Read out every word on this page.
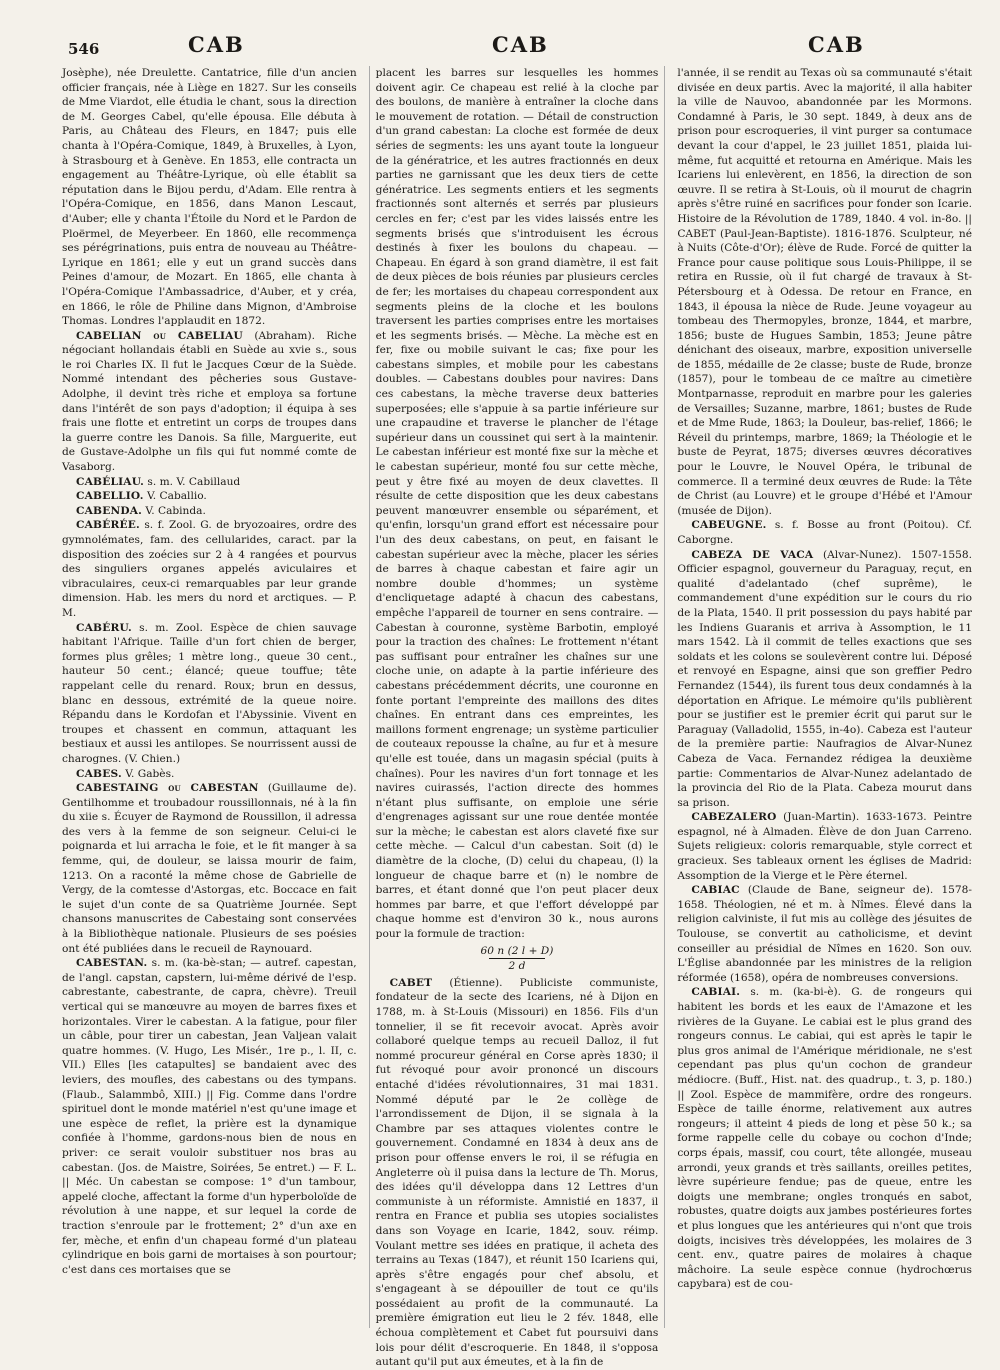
546	CAB	CAB	CAB

Josèphe), née Dreulette. Cantatrice, fille d'un ancien officier français, née à Liège en 1827. Sur les conseils de Mme Viardot, elle étudia le chant, sous la direction de M. Georges Cabel, qu'elle épousa. Elle débuta à Paris, au Château des Fleurs, en 1847; puis elle chanta à l'Opéra-Comique, 1849, à Bruxelles, à Lyon, à Strasbourg et à Genève. En 1853, elle contracta un engagement au Théâtre-Lyrique, où elle établit sa réputation dans le Bijou perdu, d'Adam. Elle rentra à l'Opéra-Comique, en 1856, dans Manon Lescaut, d'Auber; elle y chanta l'Étoile du Nord et le Pardon de Ploërmel, de Meyerbeer. En 1860, elle recommença ses pérégrinations, puis entra de nouveau au Théâtre-Lyrique en 1861; elle y eut un grand succès dans Peines d'amour, de Mozart. En 1865, elle chanta à l'Opéra-Comique l'Ambassadrice, d'Auber, et y créa, en 1866, le rôle de Philine dans Mignon, d'Ambroise Thomas. Londres l'applaudit en 1872.

CABELIAN ou CABELIAU (Abraham). Riche négociant hollandais établi en Suède au xvie s., sous le roi Charles IX. Il fut le Jacques Cœur de la Suède. Nommé intendant des pêcheries sous Gustave-Adolphe, il devint très riche et employa sa fortune dans l'intérêt de son pays d'adoption; il équipa à ses frais une flotte et entretint un corps de troupes dans la guerre contre les Danois. Sa fille, Marguerite, eut de Gustave-Adolphe un fils qui fut nommé comte de Vasaborg.

CABÉLIAU. s. m. V. Cabillaud

CABELLIO. V. Caballio.

CABENDA. V. Cabinda.

CABÉRÉE. s. f. Zool. G. de bryozoaires, ordre des gymnolémates, fam. des cellularides, caract. par la disposition des zoécies sur 2 à 4 rangées et pourvus des singuliers organes appelés aviculaires et vibraculaires, ceux-ci remarquables par leur grande dimension. Hab. les mers du nord et arctiques. — P. M.

CABÉRU. s. m. Zool. Espèce de chien sauvage habitant l'Afrique. Taille d'un fort chien de berger, formes plus grêles; 1 mètre long., queue 30 cent., hauteur 50 cent.; élancé; queue touffue; tête rappelant celle du renard. Roux; brun en dessus, blanc en dessous, extrémité de la queue noire. Répandu dans le Kordofan et l'Abyssinie. Vivent en troupes et chassent en commun, attaquant les bestiaux et aussi les antilopes. Se nourrissent aussi de charognes. (V. Chien.)

CABES. V. Gabès.

CABESTAING ou CABESTAN (Guillaume de). Gentilhomme et troubadour roussillonnais, né à la fin du xiie s. Écuyer de Raymond de Roussillon, il adressa des vers à la femme de son seigneur. Celui-ci le poignarda et lui arracha le foie, et le fit manger à sa femme, qui, de douleur, se laissa mourir de faim, 1213. On a raconté la même chose de Gabrielle de Vergy, de la comtesse d'Astorgas, etc. Boccace en fait le sujet d'un conte de sa Quatrième Journée. Sept chansons manuscrites de Cabestaing sont conservées à la Bibliothèque nationale. Plusieurs de ses poésies ont été publiées dans le recueil de Raynouard.

CABESTAN. s. m. (ka-bè-stan; — autref. capestan, de l'angl. capstan, capstern, lui-même dérivé de l'esp. cabrestante, cabestrante, de capra, chèvre). Treuil vertical qui se manœuvre au moyen de barres fixes et horizontales. Virer le cabestan. A la fatigue, pour filer un câble, pour tirer un cabestan, Jean Valjean valait quatre hommes. (V. Hugo, Les Misér., 1re p., l. II, c. VII.) Elles [les catapultes] se bandaient avec des leviers, des moufles, des cabestans ou des tympans. (Flaub., Salammbô, XIII.) || Fig. Comme dans l'ordre spirituel dont le monde matériel n'est qu'une image et une espèce de reflet, la prière est la dynamique confiée à l'homme, gardons-nous bien de nous en priver: ce serait vouloir substituer nos bras au cabestan. (Jos. de Maistre, Soirées, 5e entret.) — F. L. || Méc. Un cabestan se compose: 1° d'un tambour, appelé cloche, affectant la forme d'un hyperboloïde de révolution à une nappe, et sur lequel la corde de traction s'enroule par le frottement; 2° d'un axe en fer, mèche, et enfin d'un chapeau formé d'un plateau cylindrique en bois garni de mortaises à son pourtour; c'est dans ces mortaises que se

placent les barres sur lesquelles les hommes doivent agir. Ce chapeau est relié à la cloche par des boulons, de manière à entraîner la cloche dans le mouvement de rotation. — Détail de construction d'un grand cabestan: La cloche est formée de deux séries de segments: les uns ayant toute la longueur de la génératrice, et les autres fractionnés en deux parties ne garnissant que les deux tiers de cette génératrice. Les segments entiers et les segments fractionnés sont alternés et serrés par plusieurs cercles en fer; c'est par les vides laissés entre les segments brisés que s'introduisent les écrous destinés à fixer les boulons du chapeau. — Chapeau. En égard à son grand diamètre, il est fait de deux pièces de bois réunies par plusieurs cercles de fer; les mortaises du chapeau correspondent aux segments pleins de la cloche et les boulons traversent les parties comprises entre les mortaises et les segments brisés. — Mèche. La mèche est en fer, fixe ou mobile suivant le cas; fixe pour les cabestans simples, et mobile pour les cabestans doubles. — Cabestans doubles pour navires: Dans ces cabestans, la mèche traverse deux batteries superposées; elle s'appuie à sa partie inférieure sur une crapaudine et traverse le plancher de l'étage supérieur dans un coussinet qui sert à la maintenir. Le cabestan inférieur est monté fixe sur la mèche et le cabestan supérieur, monté fou sur cette mèche, peut y être fixé au moyen de deux clavettes. Il résulte de cette disposition que les deux cabestans peuvent manœuvrer ensemble ou séparément, et qu'enfin, lorsqu'un grand effort est nécessaire pour l'un des deux cabestans, on peut, en faisant le cabestan supérieur avec la mèche, placer les séries de barres à chaque cabestan et faire agir un nombre double d'hommes; un système d'encliquetage adapté à chacun des cabestans, empêche l'appareil de tourner en sens contraire. — Cabestan à couronne, système Barbotin, employé pour la traction des chaînes: Le frottement n'étant pas suffisant pour entraîner les chaînes sur une cloche unie, on adapte à la partie inférieure des cabestans précédemment décrits, une couronne en fonte portant l'empreinte des maillons des dites chaînes. En entrant dans ces empreintes, les maillons forment engrenage; un système particulier de couteaux repousse la chaîne, au fur et à mesure qu'elle est touée, dans un magasin spécial (puits à chaînes). Pour les navires d'un fort tonnage et les navires cuirassés, l'action directe des hommes n'étant plus suffisante, on emploie une série d'engrenages agissant sur une roue dentée montée sur la mèche; le cabestan est alors claveté fixe sur cette mèche. — Calcul d'un cabestan. Soit (d) le diamètre de la cloche, (D) celui du chapeau, (l) la longueur de chaque barre et (n) le nombre de barres, et étant donné que l'on peut placer deux hommes par barre, et que l'effort développé par chaque homme est d'environ 30 k., nous aurons pour la formule de traction:

60 n (2 l + D)
2 d

CABET (Étienne). Publiciste communiste, fondateur de la secte des Icariens, né à Dijon en 1788, m. à St-Louis (Missouri) en 1856. Fils d'un tonnelier, il se fit recevoir avocat. Après avoir collaboré quelque temps au recueil Dalloz, il fut nommé procureur général en Corse après 1830; il fut révoqué pour avoir prononcé un discours entaché d'idées révolutionnaires, 31 mai 1831. Nommé député par le 2e collège de l'arrondissement de Dijon, il se signala à la Chambre par ses attaques violentes contre le gouvernement. Condamné en 1834 à deux ans de prison pour offense envers le roi, il se réfugia en Angleterre où il puisa dans la lecture de Th. Morus, des idées qu'il développa dans 12 Lettres d'un communiste à un réformiste. Amnistié en 1837, il rentra en France et publia ses utopies socialistes dans son Voyage en Icarie, 1842, souv. réimp. Voulant mettre ses idées en pratique, il acheta des terrains au Texas (1847), et réunit 150 Icariens qui, après s'être engagés pour chef absolu, et s'engageant à se dépouiller de tout ce qu'ils possédaient au profit de la communauté. La première émigration eut lieu le 2 fév. 1848, elle échoua complètement et Cabet fut poursuivi dans lois pour délit d'escroquerie. En 1848, il s'opposa autant qu'il put aux émeutes, et à la fin de

l'année, il se rendit au Texas où sa communauté s'était divisée en deux partis. Avec la majorité, il alla habiter la ville de Nauvoo, abandonnée par les Mormons. Condamné à Paris, le 30 sept. 1849, à deux ans de prison pour escroqueries, il vint purger sa contumace devant la cour d'appel, le 23 juillet 1851, plaida lui-même, fut acquitté et retourna en Amérique. Mais les Icariens lui enlevèrent, en 1856, la direction de son œuvre. Il se retira à St-Louis, où il mourut de chagrin après s'être ruiné en sacrifices pour fonder son Icarie. Histoire de la Révolution de 1789, 1840. 4 vol. in-8o. || CABET (Paul-Jean-Baptiste). 1816-1876. Sculpteur, né à Nuits (Côte-d'Or); élève de Rude. Forcé de quitter la France pour cause politique sous Louis-Philippe, il se retira en Russie, où il fut chargé de travaux à St-Pétersbourg et à Odessa. De retour en France, en 1843, il épousa la nièce de Rude. Jeune voyageur au tombeau des Thermopyles, bronze, 1844, et marbre, 1856; buste de Hugues Sambin, 1853; Jeune pâtre dénichant des oiseaux, marbre, exposition universelle de 1855, médaille de 2e classe; buste de Rude, bronze (1857), pour le tombeau de ce maître au cimetière Montparnasse, reproduit en marbre pour les galeries de Versailles; Suzanne, marbre, 1861; bustes de Rude et de Mme Rude, 1863; la Douleur, bas-relief, 1866; le Réveil du printemps, marbre, 1869; la Théologie et le buste de Peyrat, 1875; diverses œuvres décoratives pour le Louvre, le Nouvel Opéra, le tribunal de commerce. Il a terminé deux œuvres de Rude: la Tête de Christ (au Louvre) et le groupe d'Hébé et l'Amour (musée de Dijon).

CABEUGNE. s. f. Bosse au front (Poitou). Cf. Caborgne.

CABEZA DE VACA (Alvar-Nunez). 1507-1558. Officier espagnol, gouverneur du Paraguay, reçut, en qualité d'adelantado (chef suprême), le commandement d'une expédition sur le cours du rio de la Plata, 1540. Il prit possession du pays habité par les Indiens Guaranis et arriva à Assomption, le 11 mars 1542. Là il commit de telles exactions que ses soldats et les colons se soulevèrent contre lui. Déposé et renvoyé en Espagne, ainsi que son greffier Pedro Fernandez (1544), ils furent tous deux condamnés à la déportation en Afrique. Le mémoire qu'ils publièrent pour se justifier est le premier écrit qui parut sur le Paraguay (Valladolid, 1555, in-4o). Cabeza est l'auteur de la première partie: Naufragios de Alvar-Nunez Cabeza de Vaca. Fernandez rédigea la deuxième partie: Commentarios de Alvar-Nunez adelantado de la provincia del Rio de la Plata. Cabeza mourut dans sa prison.

CABEZALERO (Juan-Martin). 1633-1673. Peintre espagnol, né à Almaden. Élève de don Juan Carreno. Sujets religieux: coloris remarquable, style correct et gracieux. Ses tableaux ornent les églises de Madrid: Assomption de la Vierge et le Père éternel.

CABIAC (Claude de Bane, seigneur de). 1578-1658. Théologien, né et m. à Nîmes. Élevé dans la religion calviniste, il fut mis au collège des jésuites de Toulouse, se convertit au catholicisme, et devint conseiller au présidial de Nîmes en 1620. Son ouv. L'Église abandonnée par les ministres de la religion réformée (1658), opéra de nombreuses conversions.

CABIAI. s. m. (ka-bi-è). G. de rongeurs qui habitent les bords et les eaux de l'Amazone et les rivières de la Guyane. Le cabiai est le plus grand des rongeurs connus. Le cabiai, qui est après le tapir le plus gros animal de l'Amérique méridionale, ne s'est cependant pas plus qu'un cochon de grandeur médiocre. (Buff., Hist. nat. des quadrup., t. 3, p. 180.) || Zool. Espèce de mammifère, ordre des rongeurs. Espèce de taille énorme, relativement aux autres rongeurs; il atteint 4 pieds de long et pèse 50 k.; sa forme rappelle celle du cobaye ou cochon d'Inde; corps épais, massif, cou court, tête allongée, museau arrondi, yeux grands et très saillants, oreilles petites, lèvre supérieure fendue; pas de queue, entre les doigts une membrane; ongles tronqués en sabot, robustes, quatre doigts aux jambes postérieures fortes et plus longues que les antérieures qui n'ont que trois doigts, incisives très développées, les molaires de 3 cent. env., quatre paires de molaires à chaque mâchoire. La seule espèce connue (hydrochœrus capybara) est de cou-
